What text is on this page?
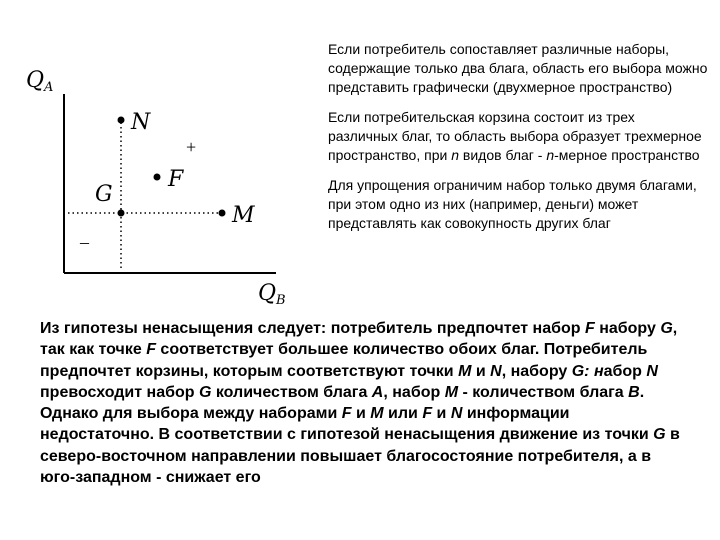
QA
QB
+
–
N
F
G
M

Если потребитель сопоставляет различные наборы, содержащие только два блага, область его выбора можно представить графически (двухмерное пространство)

Если потребительская корзина состоит из трех различных благ, то область выбора образует трехмерное пространство, при n видов благ - n-мерное пространство

Для упрощения ограничим набор только двумя благами, при этом одно из них (например, деньги) может представлять как совокупность других благ

Из гипотезы ненасыщения следует: потребитель предпочтет набор F набору G, так как точке F соответствует большее количество обоих благ. Потребитель предпочтет корзины, которым соответствуют точки M и N, набору G: набор N превосходит набор G количеством блага А, набор M - количеством блага В. Однако для выбора между наборами F и M или F и N информации недостаточно. В соответствии с гипотезой ненасыщения движение из точки G в северо-восточном направлении повышает благосостояние потребителя, а в юго-западном - снижает его
